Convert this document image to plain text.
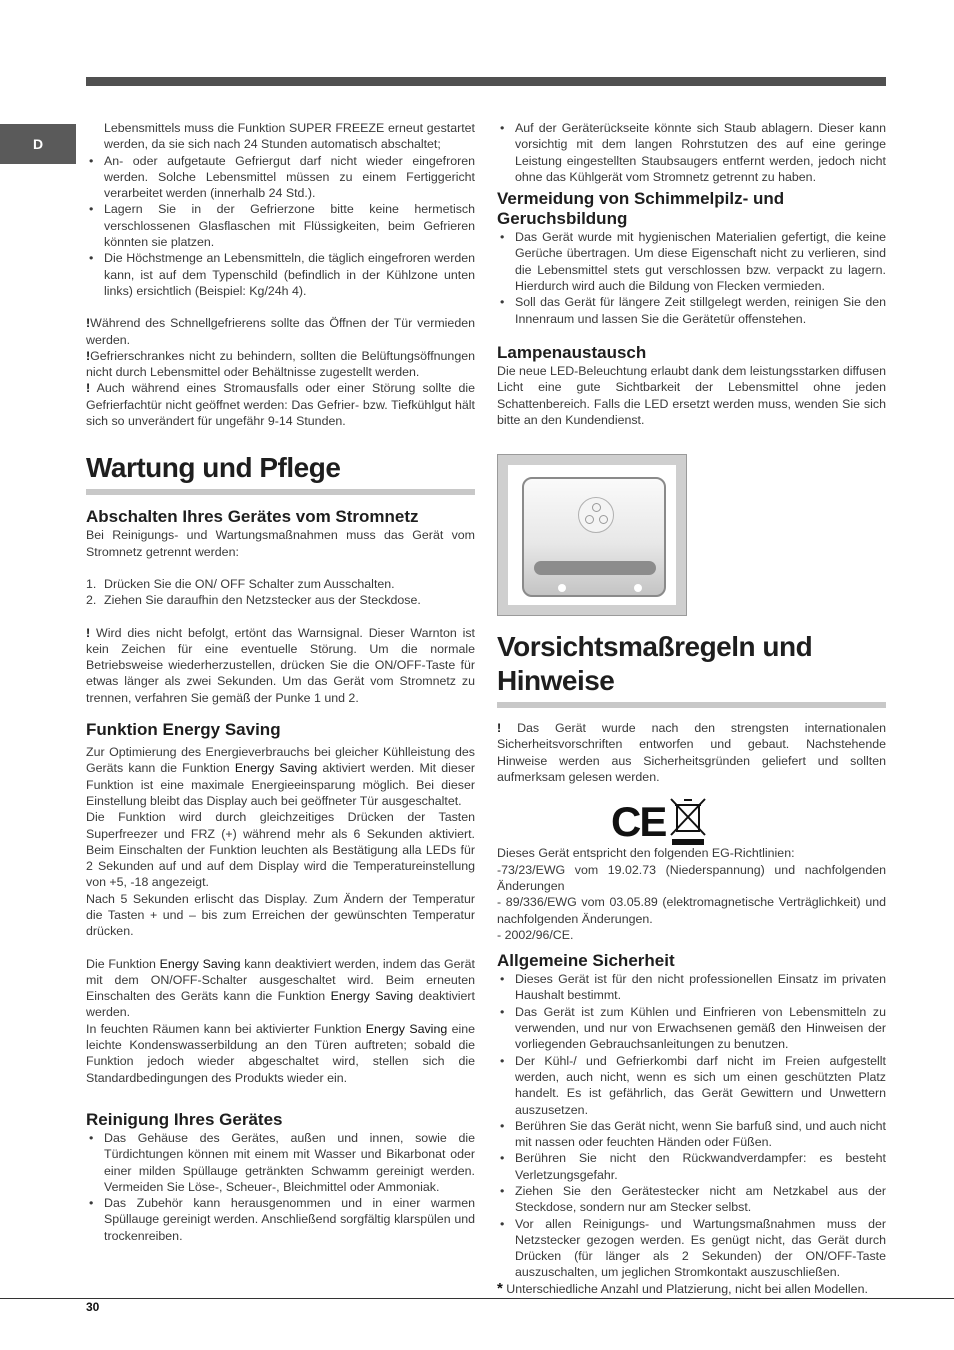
D

Lebensmittels muss die Funktion SUPER FREEZE erneut gestartet werden, da sie sich nach 24 Stunden automatisch abschaltet;

• An- oder aufgetaute Gefriergut darf nicht wieder eingefroren werden. Solche Lebensmittel müssen zu einem Fertiggericht verarbeitet werden (innerhalb 24 Std.).
• Lagern Sie in der Gefrierzone bitte keine hermetisch verschlossenen Glasflaschen mit Flüssigkeiten, beim Gefrieren könnten sie platzen.
• Die Höchstmenge an Lebensmitteln, die täglich eingefroren werden kann, ist auf dem Typenschild (befindlich in der Kühlzone unten links) ersichtlich (Beispiel: Kg/24h 4).

!Während des Schnellgefrierens sollte das Öffnen der Tür vermieden werden.

!Gefrierschrankes nicht zu behindern, sollten die Belüftungsöffnungen nicht durch Lebensmittel oder Behältnisse zugestellt werden.

! Auch während eines Stromausfalls oder einer Störung sollte die Gefrierfachtür nicht geöffnet werden: Das Gefrier- bzw. Tiefkühlgut hält sich so unverändert für ungefähr 9-14 Stunden.

Wartung und Pflege
Abschalten Ihres Gerätes vom Stromnetz

Bei Reinigungs- und Wartungsmaßnahmen muss das Gerät vom Stromnetz getrennt werden:

1. Drücken Sie die ON/ OFF Schalter zum Ausschalten.
2. Ziehen Sie daraufhin den Netzstecker aus der Steckdose.

! Wird dies nicht befolgt, ertönt das Warnsignal. Dieser Warnton ist kein Zeichen für eine eventuelle Störung. Um die normale Betriebsweise wiederherzustellen, drücken Sie die ON/OFF-Taste für etwas länger als zwei Sekunden. Um das Gerät vom Stromnetz zu trennen, verfahren Sie gemäß der Punke 1 und 2.

Funktion Energy Saving

Zur Optimierung des Energieverbrauchs bei gleicher Kühlleistung des Geräts kann die Funktion Energy Saving aktiviert werden. Mit dieser Funktion ist eine maximale Energieeinsparung möglich. Bei dieser Einstellung bleibt das Display auch bei geöffneter Tür ausgeschaltet.

Die Funktion wird durch gleichzeitiges Drücken der Tasten Superfreezer und FRZ (+) während mehr als 6 Sekunden aktiviert. Beim Einschalten der Funktion leuchten als Bestätigung alla LEDs für 2 Sekunden auf und auf dem Display wird die Temperatureinstellung von +5, -18 angezeigt.

Nach 5 Sekunden erlischt das Display. Zum Ändern der Temperatur die Tasten + und – bis zum Erreichen der gewünschten Temperatur drücken.

Die Funktion Energy Saving kann deaktiviert werden, indem das Gerät mit dem ON/OFF-Schalter ausgeschaltet wird. Beim erneuten Einschalten des Geräts kann die Funktion Energy Saving deaktiviert werden.

In feuchten Räumen kann bei aktivierter Funktion Energy Saving eine leichte Kondenswasserbildung an den Türen auftreten; sobald die Funktion jedoch wieder abgeschaltet wird, stellen sich die Standardbedingungen des Produkts wieder ein.

Reinigung Ihres Gerätes
• Das Gehäuse des Gerätes, außen und innen, sowie die Türdichtungen können mit einem mit Wasser und Bikarbonat oder einer milden Spüllauge getränkten Schwamm gereinigt werden. Vermeiden Sie Löse-, Scheuer-, Bleichmittel oder Ammoniak.
• Das Zubehör kann herausgenommen und in einer warmen Spüllauge gereinigt werden. Anschließend sorgfältig klarspülen und trockenreiben.
• Auf der Geräterückseite könnte sich Staub ablagern. Dieser kann vorsichtig mit dem langen Rohrstutzen des auf eine geringe Leistung eingestellten Staubsaugers entfernt werden, jedoch nicht ohne das Kühlgerät vom Stromnetz getrennt zu haben.
Vermeidung von Schimmelpilz- und Geruchsbildung
• Das Gerät wurde mit hygienischen Materialien gefertigt, die keine Gerüche übertragen. Um diese Eigenschaft nicht zu verlieren, sind die Lebensmittel stets gut verschlossen bzw. verpackt zu lagern. Hierdurch wird auch die Bildung von Flecken vermieden.
• Soll das Gerät für längere Zeit stillgelegt werden, reinigen Sie den Innenraum und lassen Sie die Gerätetür offenstehen.
Lampenaustausch

Die neue LED-Beleuchtung erlaubt dank dem leistungsstarken diffusen Licht eine gute Sichtbarkeit der Lebensmittel ohne jeden Schattenbereich. Falls die LED ersetzt werden muss, wenden Sie sich bitte an den Kundendienst.

Vorsichtsmaßregeln und Hinweise

! Das Gerät wurde nach den strengsten internationalen Sicherheitsvorschriften entworfen und gebaut. Nachstehende Hinweise werden aus Sicherheitsgründen geliefert und sollten aufmerksam gelesen werden.

CE

Dieses Gerät entspricht den folgenden EG-Richtlinien:

-73/23/EWG vom 19.02.73 (Niederspannung) und nachfolgenden Änderungen

- 89/336/EWG vom 03.05.89 (elektromagnetische Verträglichkeit) und nachfolgenden Änderungen.

- 2002/96/CE.

Allgemeine Sicherheit
• Dieses Gerät ist für den nicht professionellen Einsatz im privaten Haushalt bestimmt.
• Das Gerät ist zum Kühlen und Einfrieren von Lebensmitteln zu verwenden, und nur von Erwachsenen gemäß den Hinweisen der vorliegenden Gebrauchsanleitungen zu benutzen.
• Der Kühl-/ und Gefrierkombi darf nicht im Freien aufgestellt werden, auch nicht, wenn es sich um einen geschützten Platz handelt. Es ist gefährlich, das Gerät Gewittern und Unwettern auszusetzen.
• Berühren Sie das Gerät nicht, wenn Sie barfuß sind, und auch nicht mit nassen oder feuchten Händen oder Füßen.
• Berühren Sie nicht den Rückwandverdampfer: es besteht Verletzungsgefahr.
• Ziehen Sie den Gerätestecker nicht am Netzkabel aus der Steckdose, sondern nur am Stecker selbst.
• Vor allen Reinigungs- und Wartungsmaßnahmen muss der Netzstecker gezogen werden. Es genügt nicht, das Gerät durch Drücken (für länger als 2 Sekunden) der ON/OFF-Taste auszuschalten, um jeglichen Stromkontakt auszuschließen.

* Unterschiedliche Anzahl und Platzierung, nicht bei allen Modellen.

30
